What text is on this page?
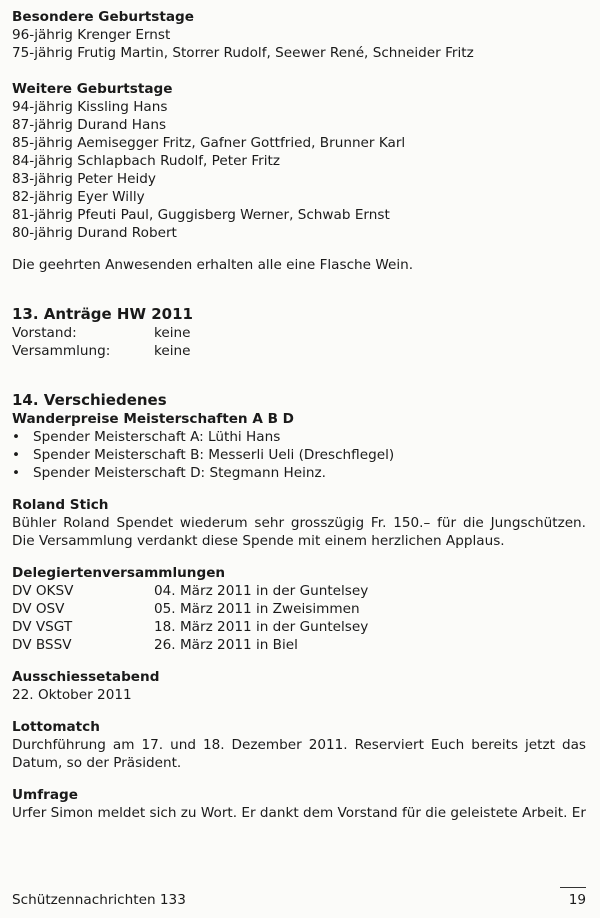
Besondere Geburtstage

96-jährig Krenger Ernst

75-jährig Frutig Martin, Storrer Rudolf, Seewer René, Schneider Fritz

Weitere Geburtstage

94-jährig Kissling Hans

87-jährig Durand Hans

85-jährig Aemisegger Fritz, Gafner Gottfried, Brunner Karl

84-jährig Schlapbach Rudolf, Peter Fritz

83-jährig Peter Heidy

82-jährig Eyer Willy

81-jährig Pfeuti Paul, Guggisberg Werner, Schwab Ernst

80-jährig Durand Robert

Die geehrten Anwesenden erhalten alle eine Flasche Wein.

13. Anträge HW 2011

Vorstand:	keine
Versammlung:	keine

14. Verschiedenes

Wanderpreise Meisterschaften A B D

• Spender Meisterschaft A: Lüthi Hans
• Spender Meisterschaft B: Messerli Ueli (Dreschflegel)
• Spender Meisterschaft D: Stegmann Heinz.

Roland Stich

Bühler Roland Spendet wiederum sehr grosszügig Fr. 150.– für die Jungschützen. Die Versammlung verdankt diese Spende mit einem herzlichen Applaus.

Delegiertenversammlungen

DV OKSV	04. März 2011 in der Guntelsey
DV OSV	05. März 2011 in Zweisimmen
DV VSGT	18. März 2011 in der Guntelsey
DV BSSV	26. März 2011 in Biel

Ausschiessetabend

22. Oktober 2011

Lottomatch

Durchführung am 17. und 18. Dezember 2011. Reserviert Euch bereits jetzt das Datum, so der Präsident.

Umfrage

Urfer Simon meldet sich zu Wort. Er dankt dem Vorstand für die geleistete Arbeit. Er

Schützennachrichten 133	19
